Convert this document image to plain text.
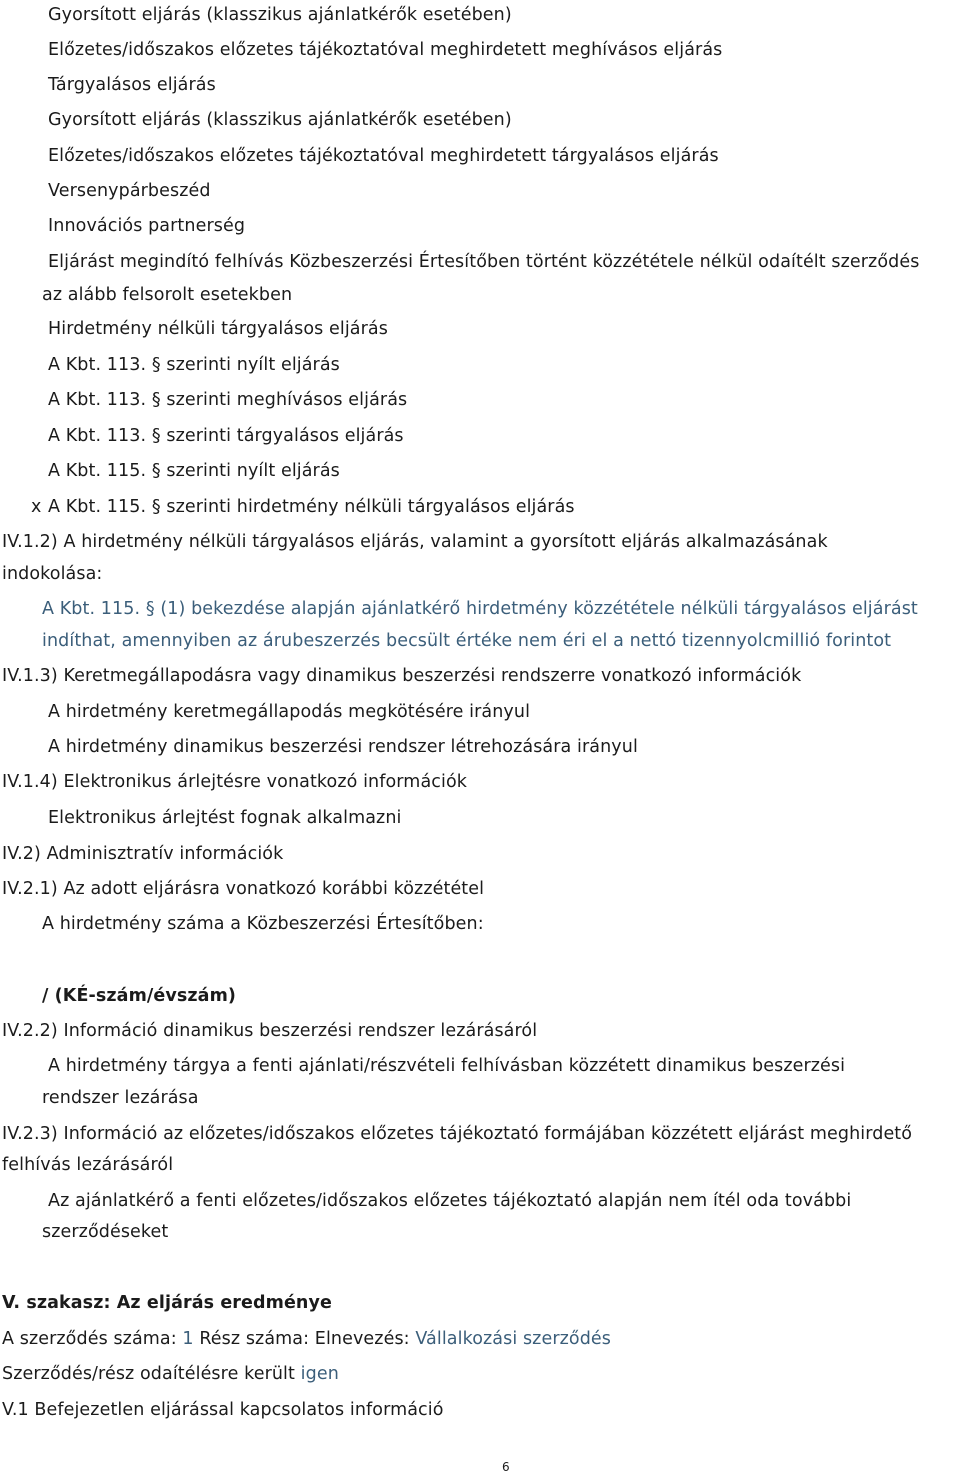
Gyorsított eljárás (klasszikus ajánlatkérők esetében)
Előzetes/időszakos előzetes tájékoztatóval meghirdetett meghívásos eljárás
Tárgyalásos eljárás
Gyorsított eljárás (klasszikus ajánlatkérők esetében)
Előzetes/időszakos előzetes tájékoztatóval meghirdetett tárgyalásos eljárás
Versenypárbeszéd
Innovációs partnerség
Eljárást megindító felhívás Közbeszerzési Értesítőben történt közzététele nélkül odaítélt szerződés
az alább felsorolt esetekben
Hirdetmény nélküli tárgyalásos eljárás
A Kbt. 113. § szerinti nyílt eljárás
A Kbt. 113. § szerinti meghívásos eljárás
A Kbt. 113. § szerinti tárgyalásos eljárás
A Kbt. 115. § szerinti nyílt eljárás
x A Kbt. 115. § szerinti hirdetmény nélküli tárgyalásos eljárás
IV.1.2) A hirdetmény nélküli tárgyalásos eljárás, valamint a gyorsított eljárás alkalmazásának
indokolása:
A Kbt. 115. § (1) bekezdése alapján ajánlatkérő hirdetmény közzététele nélküli tárgyalásos eljárást
indíthat, amennyiben az árubeszerzés becsült értéke nem éri el a nettó tizennyolcmillió forintot
IV.1.3) Keretmegállapodásra vagy dinamikus beszerzési rendszerre vonatkozó információk
A hirdetmény keretmegállapodás megkötésére irányul
A hirdetmény dinamikus beszerzési rendszer létrehozására irányul
IV.1.4) Elektronikus árlejtésre vonatkozó információk
Elektronikus árlejtést fognak alkalmazni
IV.2) Adminisztratív információk
IV.2.1) Az adott eljárásra vonatkozó korábbi közzététel
A hirdetmény száma a Közbeszerzési Értesítőben:
/ (KÉ-szám/évszám)
IV.2.2) Információ dinamikus beszerzési rendszer lezárásáról
A hirdetmény tárgya a fenti ajánlati/részvételi felhívásban közzétett dinamikus beszerzési
rendszer lezárása
IV.2.3) Információ az előzetes/időszakos előzetes tájékoztató formájában közzétett eljárást meghirdető
felhívás lezárásáról
Az ajánlatkérő a fenti előzetes/időszakos előzetes tájékoztató alapján nem ítél oda további
szerződéseket
V. szakasz: Az eljárás eredménye
A szerződés száma: 1 Rész száma: Elnevezés: Vállalkozási szerződés
Szerződés/rész odaítélésre került igen
V.1 Befejezetlen eljárással kapcsolatos információ
6
